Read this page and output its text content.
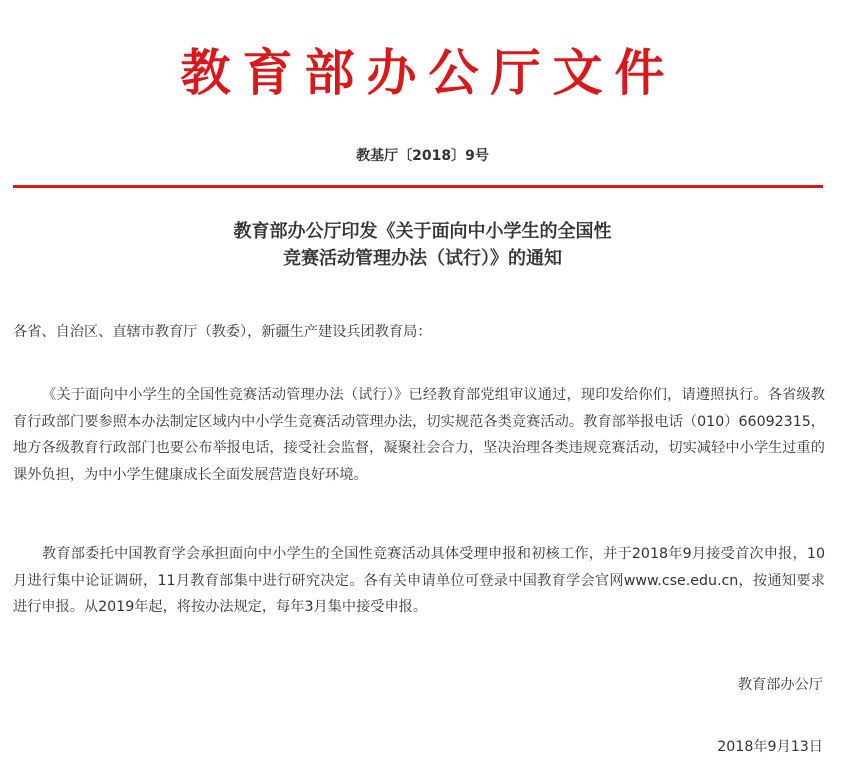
教育部办公厅文件
教基厅〔2018〕9号
教育部办公厅印发《关于面向中小学生的全国性
竞赛活动管理办法（试行）》的通知

各省、自治区、直辖市教育厅（教委），新疆生产建设兵团教育局：

《关于面向中小学生的全国性竞赛活动管理办法（试行）》已经教育部党组审议通过，现印发给你们，请遵照执行。各省级教育行政部门要参照本办法制定区域内中小学生竞赛活动管理办法，切实规范各类竞赛活动。教育部举报电话（010）66092315，地方各级教育行政部门也要公布举报电话，接受社会监督，凝聚社会合力，坚决治理各类违规竞赛活动，切实减轻中小学生过重的课外负担，为中小学生健康成长全面发展营造良好环境。

教育部委托中国教育学会承担面向中小学生的全国性竞赛活动具体受理申报和初核工作，并于2018年9月接受首次申报，10月进行集中论证调研，11月教育部集中进行研究决定。各有关申请单位可登录中国教育学会官网www.cse.edu.cn，按通知要求进行申报。从2019年起，将按办法规定，每年3月集中接受申报。

教育部办公厅
2018年9月13日
